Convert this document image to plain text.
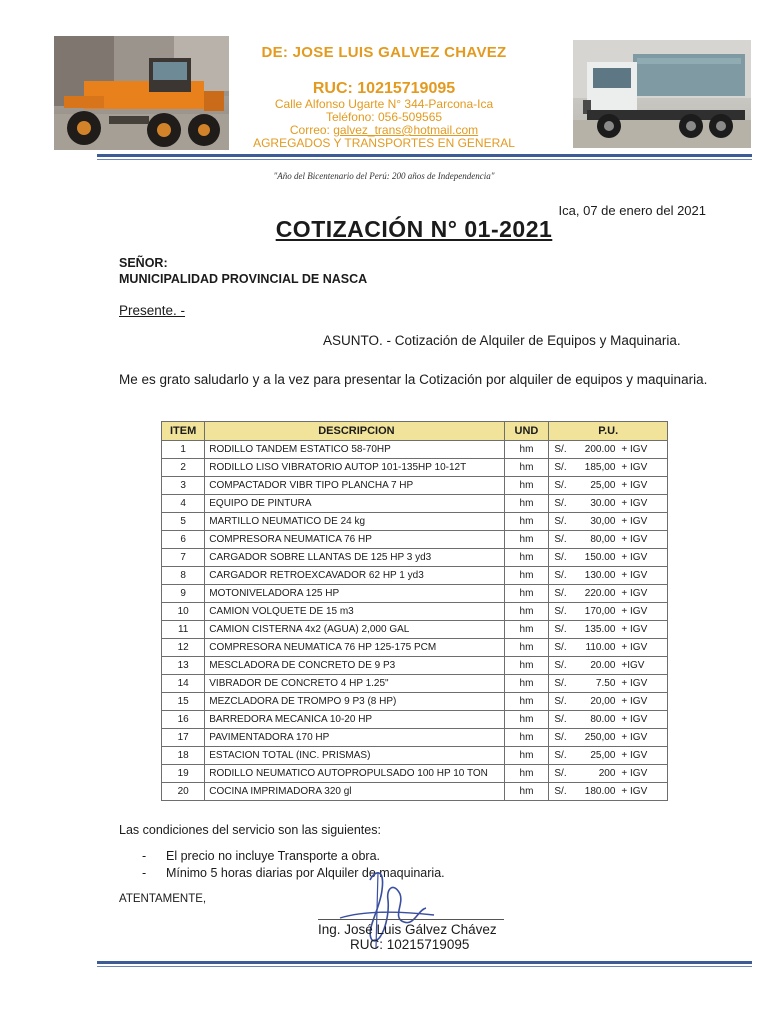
DE: JOSE LUIS GALVEZ CHAVEZ
RUC: 10215719095
Calle Alfonso Ugarte N° 344-Parcona-Ica
Teléfono: 056-509565
Correo: galvez_trans@hotmail.com
AGREGADOS Y TRANSPORTES EN GENERAL
"Año del Bicentenario del Perú: 200 años de Independencia"
Ica, 07 de enero del 2021
COTIZACIÓN N° 01-2021
SEÑOR:
MUNICIPALIDAD PROVINCIAL DE NASCA
Presente. -
ASUNTO. - Cotización de Alquiler de Equipos y Maquinaria.
Me es grato saludarlo y a la vez para presentar la Cotización por alquiler de equipos y maquinaria.
ITEM	DESCRIPCION	UND	P.U.
1	RODILLO TANDEM ESTATICO 58-70HP	hm	S/. 200.00 + IGV

2	RODILLO LISO VIBRATORIO AUTOP 101-135HP 10-12T	hm	S/. 185,00 + IGV

3	COMPACTADOR VIBR TIPO PLANCHA 7 HP	hm	S/. 25,00 + IGV

4	EQUIPO DE PINTURA	hm	S/. 30.00 + IGV

5	MARTILLO NEUMATICO DE 24 kg	hm	S/. 30,00 + IGV

6	COMPRESORA NEUMATICA 76 HP	hm	S/. 80,00 + IGV

7	CARGADOR SOBRE LLANTAS DE 125 HP 3 yd3	hm	S/. 150.00 + IGV

8	CARGADOR RETROEXCAVADOR 62 HP 1 yd3	hm	S/. 130.00 + IGV

9	MOTONIVELADORA 125 HP	hm	S/. 220.00 + IGV

10	CAMION VOLQUETE DE 15 m3	hm	S/. 170,00 + IGV

11	CAMION CISTERNA 4x2 (AGUA) 2,000 GAL	hm	S/. 135.00 + IGV

12	COMPRESORA NEUMATICA 76 HP 125-175 PCM	hm	S/. 110.00 + IGV

13	MESCLADORA DE CONCRETO DE 9 P3	hm	S/. 20.00 +IGV

14	VIBRADOR DE CONCRETO 4 HP 1.25"	hm	S/. 7.50 + IGV

15	MEZCLADORA DE TROMPO 9 P3 (8 HP)	hm	S/. 20,00 + IGV

16	BARREDORA MECANICA 10-20 HP	hm	S/. 80.00 + IGV

17	PAVIMENTADORA 170 HP	hm	S/. 250,00 + IGV

18	ESTACION TOTAL (INC. PRISMAS)	hm	S/. 25,00 + IGV

19	RODILLO NEUMATICO AUTOPROPULSADO 100 HP 10 TON	hm	S/. 200 + IGV

20	COCINA IMPRIMADORA 320 gl	hm	S/. 180.00 + IGV
Las condiciones del servicio son las siguientes:
-	El precio no incluye Transporte a obra.
-	Mínimo 5 horas diarias por Alquiler de maquinaria.
ATENTAMENTE,
Ing. José Luis Gálvez Chávez
RUC: 10215719095
